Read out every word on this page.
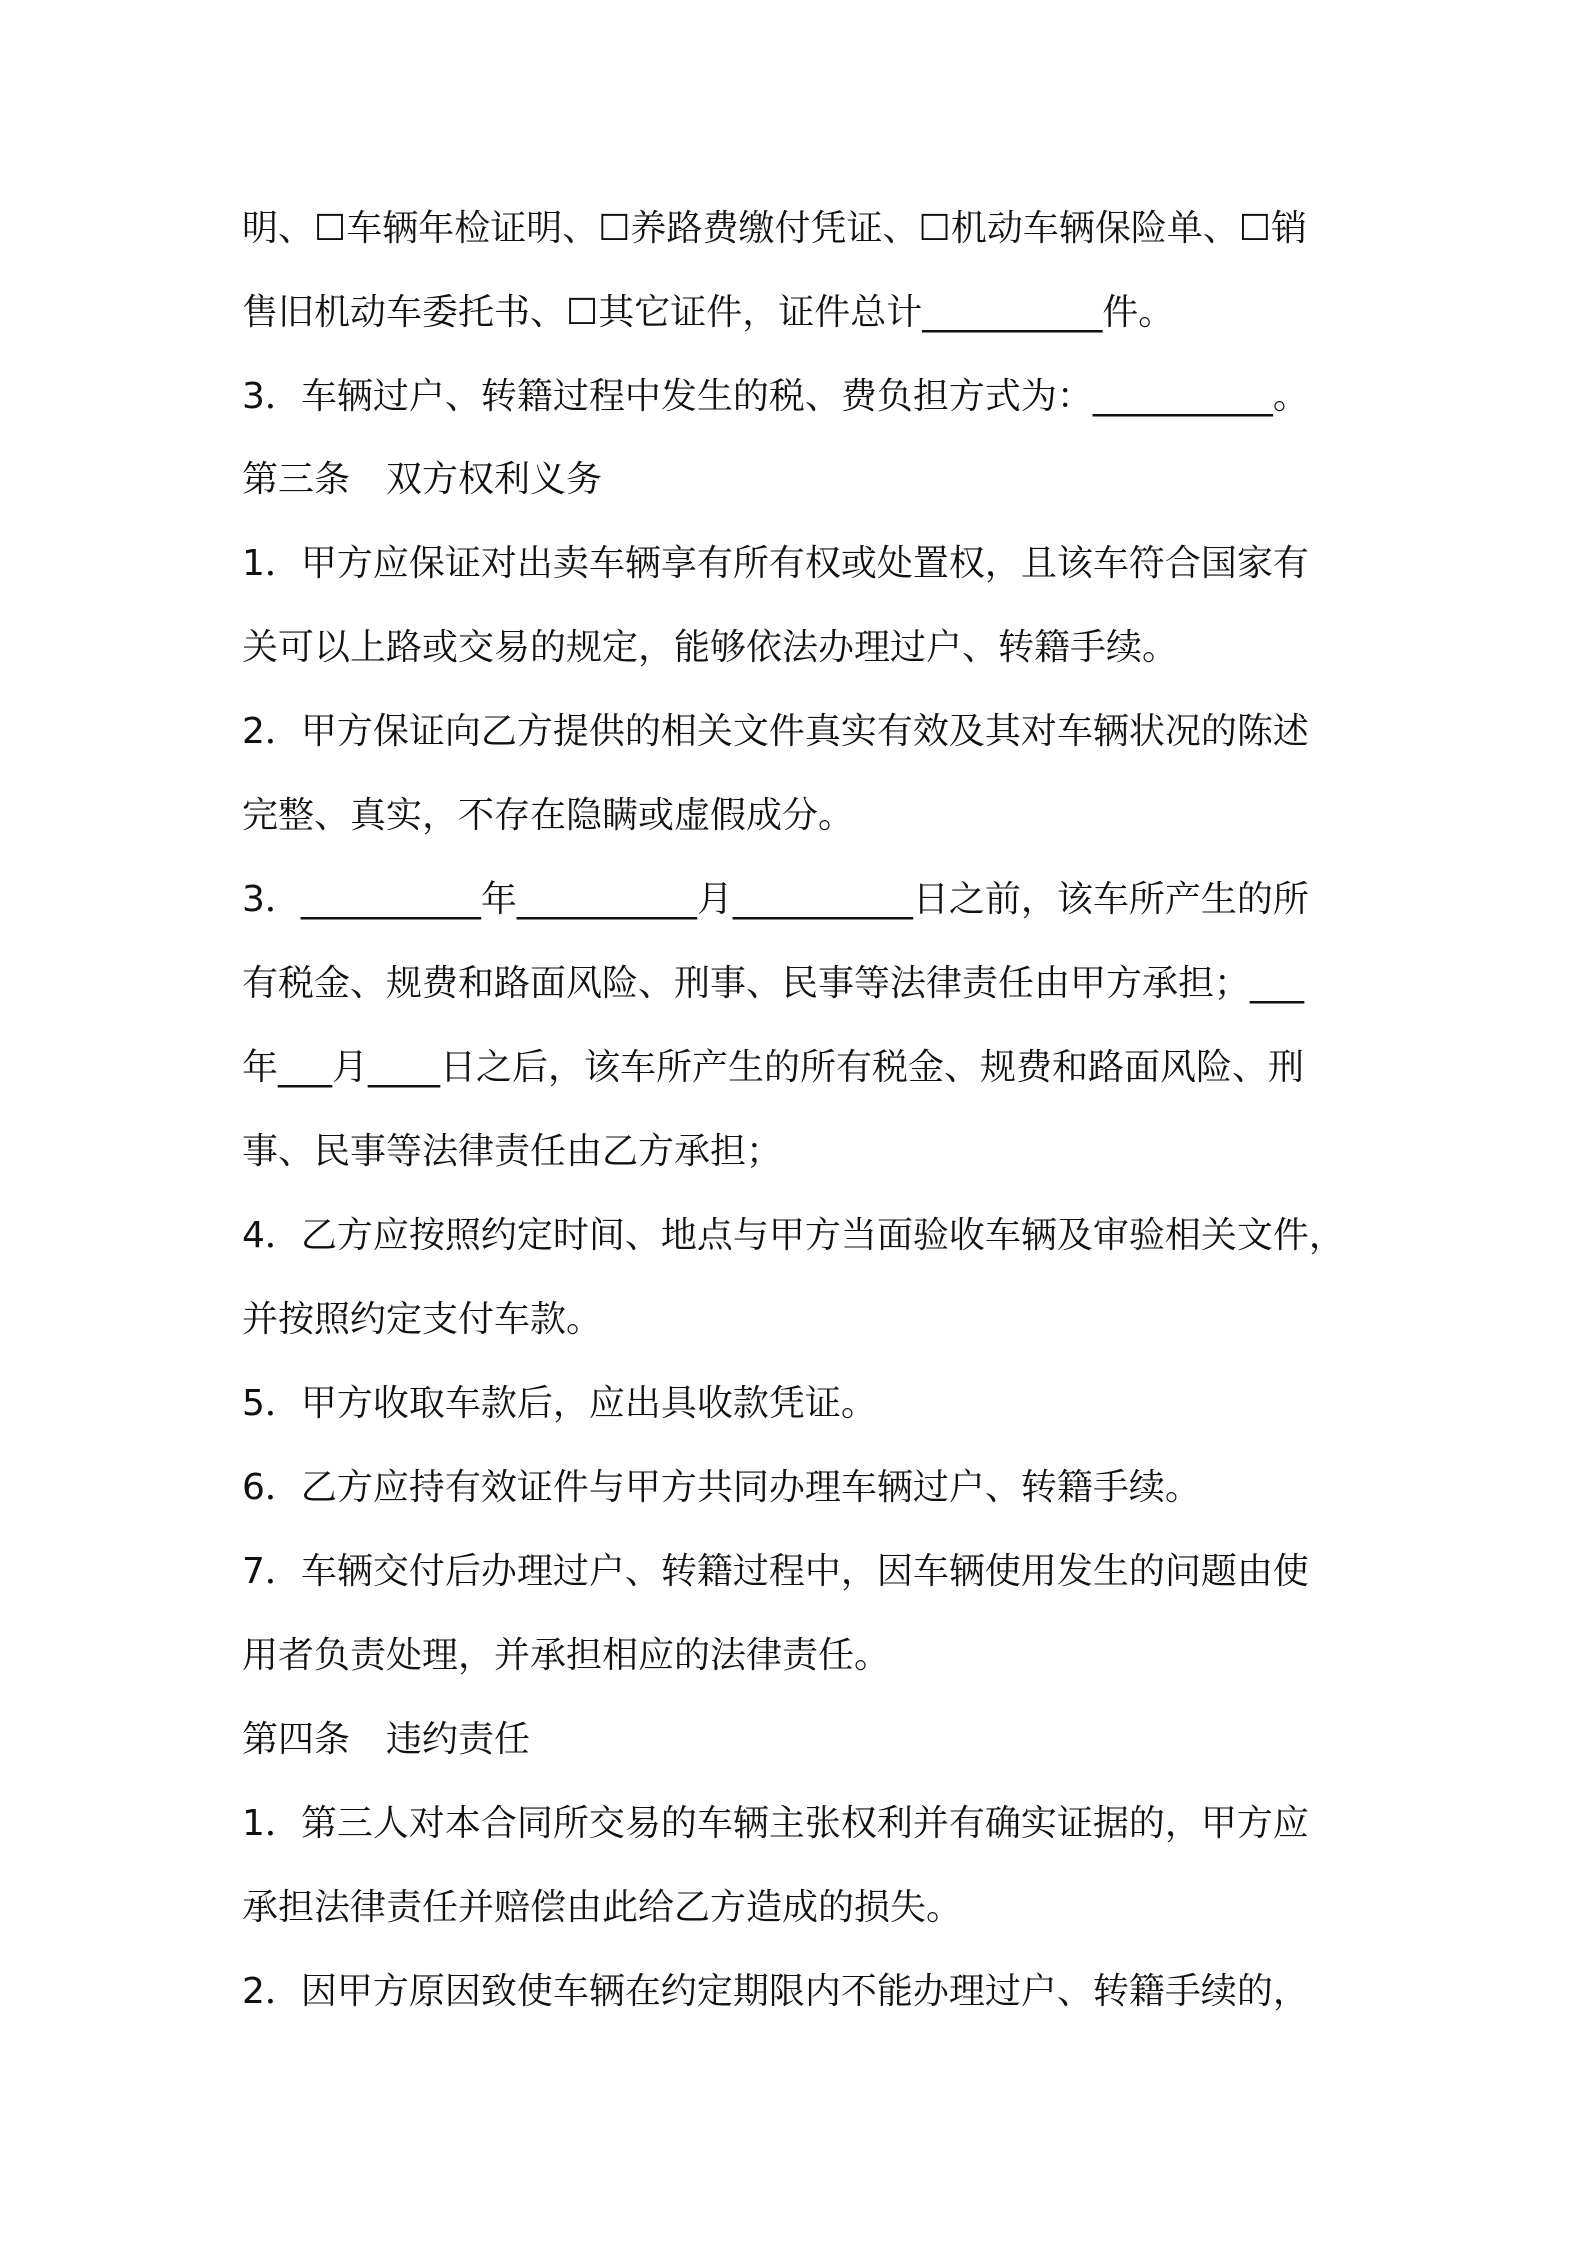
明、☐车辆年检证明、☐养路费缴付凭证、☐机动车辆保险单、☐销
售旧机动车委托书、☐其它证件，证件总计__________件。
3．车辆过户、转籍过程中发生的税、费负担方式为：__________。
第三条　双方权利义务
1．甲方应保证对出卖车辆享有所有权或处置权，且该车符合国家有
关可以上路或交易的规定，能够依法办理过户、转籍手续。
2．甲方保证向乙方提供的相关文件真实有效及其对车辆状况的陈述
完整、真实，不存在隐瞒或虚假成分。
3．__________年__________月__________日之前，该车所产生的所
有税金、规费和路面风险、刑事、民事等法律责任由甲方承担；___
年___月____日之后，该车所产生的所有税金、规费和路面风险、刑
事、民事等法律责任由乙方承担；
4．乙方应按照约定时间、地点与甲方当面验收车辆及审验相关文件，
并按照约定支付车款。
5．甲方收取车款后，应出具收款凭证。
6．乙方应持有效证件与甲方共同办理车辆过户、转籍手续。
7．车辆交付后办理过户、转籍过程中，因车辆使用发生的问题由使
用者负责处理，并承担相应的法律责任。
第四条　违约责任
1．第三人对本合同所交易的车辆主张权利并有确实证据的，甲方应
承担法律责任并赔偿由此给乙方造成的损失。
2．因甲方原因致使车辆在约定期限内不能办理过户、转籍手续的，
